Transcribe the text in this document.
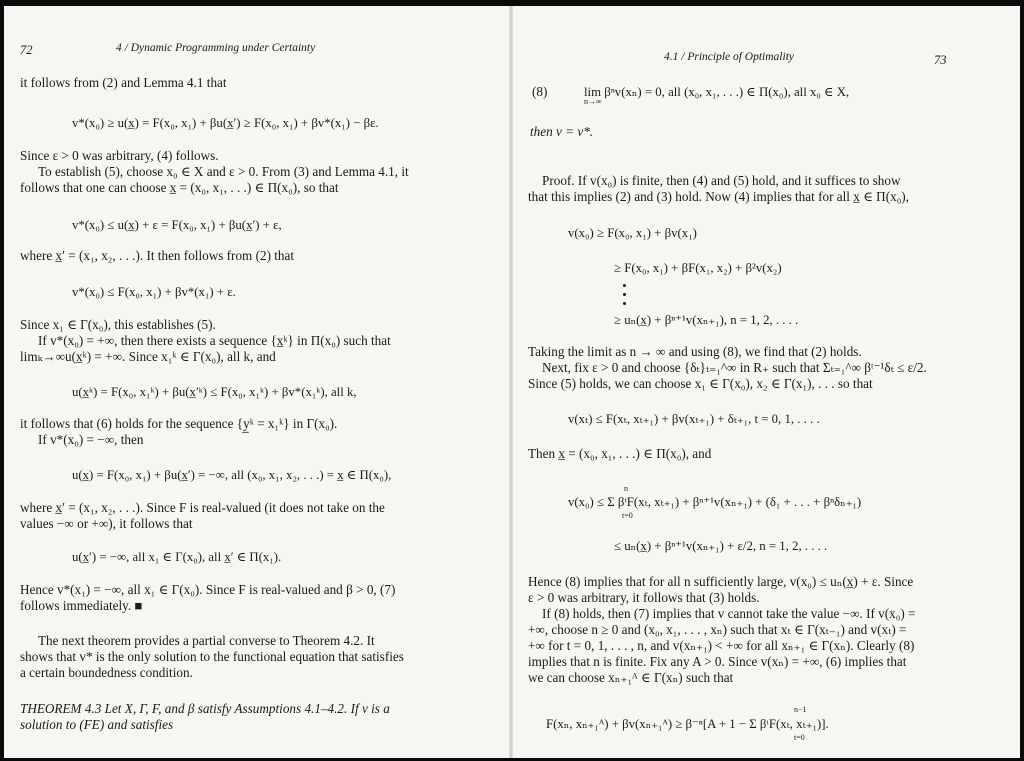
72	4 / Dynamic Programming under Certainty
it follows from (2) and Lemma 4.1 that
v*(x₀) ≥ u(x̲) = F(x₀, x₁) + βu(x̲′) ≥ F(x₀, x₁) + βv*(x₁) − βε.
Since ε > 0 was arbitrary, (4) follows.
To establish (5), choose x₀ ∈ X and ε > 0. From (3) and Lemma 4.1, it
follows that one can choose x̲ = (x₀, x₁, . . .) ∈ Π(x₀), so that
v*(x₀) ≤ u(x̲) + ε = F(x₀, x₁) + βu(x̲′) + ε,
where x̲′ = (x₁, x₂, . . .). It then follows from (2) that
v*(x₀) ≤ F(x₀, x₁) + βv*(x₁) + ε.
Since x₁ ∈ Γ(x₀), this establishes (5).
If v*(x₀) = +∞, then there exists a sequence {x̲ᵏ} in Π(x₀) such that
limₖ→∞u(x̲ᵏ) = +∞. Since x₁ᵏ ∈ Γ(x₀), all k, and
u(x̲ᵏ) = F(x₀, x₁ᵏ) + βu(x̲′ᵏ) ≤ F(x₀, x₁ᵏ) + βv*(x₁ᵏ), all k,
it follows that (6) holds for the sequence {y̲ᵏ = x₁ᵏ} in Γ(x₀).
If v*(x₀) = −∞, then
u(x̲) = F(x₀, x₁) + βu(x̲′) = −∞, all (x₀, x₁, x₂, . . .) = x̲ ∈ Π(x₀),
where x̲′ = (x₁, x₂, . . .). Since F is real-valued (it does not take on the
values −∞ or +∞), it follows that
u(x̲′) = −∞, all x₁ ∈ Γ(x₀), all x̲′ ∈ Π(x₁).
Hence v*(x₁) = −∞, all x₁ ∈ Γ(x₀). Since F is real-valued and β > 0, (7)
follows immediately. ■
The next theorem provides a partial converse to Theorem 4.2. It
shows that v* is the only solution to the functional equation that satisfies
a certain boundedness condition.
THEOREM 4.3 Let X, Γ, F, and β satisfy Assumptions 4.1–4.2. If v is a
solution to (FE) and satisfies
4.1 / Principle of Optimality	73
(8)	lim βⁿv(xₙ) = 0, all (x₀, x₁, . . .) ∈ Π(x₀), all x₀ ∈ X,
n→∞
then v = v*.
Proof. If v(x₀) is finite, then (4) and (5) hold, and it suffices to show
that this implies (2) and (3) hold. Now (4) implies that for all x̲ ∈ Π(x₀),
v(x₀) ≥ F(x₀, x₁) + βv(x₁)
≥ F(x₀, x₁) + βF(x₁, x₂) + β²v(x₂)
≥ uₙ(x̲) + βⁿ⁺¹v(xₙ₊₁), n = 1, 2, . . . .
Taking the limit as n → ∞ and using (8), we find that (2) holds.
Next, fix ε > 0 and choose {δₜ}ₜ₌₁^∞ in R₊ such that Σₜ₌₁^∞ βᵗ⁻¹δₜ ≤ ε/2.
Since (5) holds, we can choose x₁ ∈ Γ(x₀), x₂ ∈ Γ(x₁), . . . so that
v(xₜ) ≤ F(xₜ, xₜ₊₁) + βv(xₜ₊₁) + δₜ₊₁, t = 0, 1, . . . .
Then x̲ = (x₀, x₁, . . .) ∈ Π(x₀), and
n
v(x₀) ≤ Σ βᵗF(xₜ, xₜ₊₁) + βⁿ⁺¹v(xₙ₊₁) + (δ₁ + . . . + βⁿδₙ₊₁)
t=0
≤ uₙ(x̲) + βⁿ⁺¹v(xₙ₊₁) + ε/2, n = 1, 2, . . . .
Hence (8) implies that for all n sufficiently large, v(x₀) ≤ uₙ(x̲) + ε. Since
ε > 0 was arbitrary, it follows that (3) holds.
If (8) holds, then (7) implies that v cannot take the value −∞. If v(x₀) =
+∞, choose n ≥ 0 and (x₀, x₁, . . . , xₙ) such that xₜ ∈ Γ(xₜ₋₁) and v(xₜ) =
+∞ for t = 0, 1, . . . , n, and v(xₙ₊₁) < +∞ for all xₙ₊₁ ∈ Γ(xₙ). Clearly (8)
implies that n is finite. Fix any A > 0. Since v(xₙ) = +∞, (6) implies that
we can choose xₙ₊₁ᴬ ∈ Γ(xₙ) such that
n−1
F(xₙ, xₙ₊₁ᴬ) + βv(xₙ₊₁ᴬ) ≥ β⁻ⁿ[A + 1 − Σ βᵗF(xₜ, xₜ₊₁)].
t=0
